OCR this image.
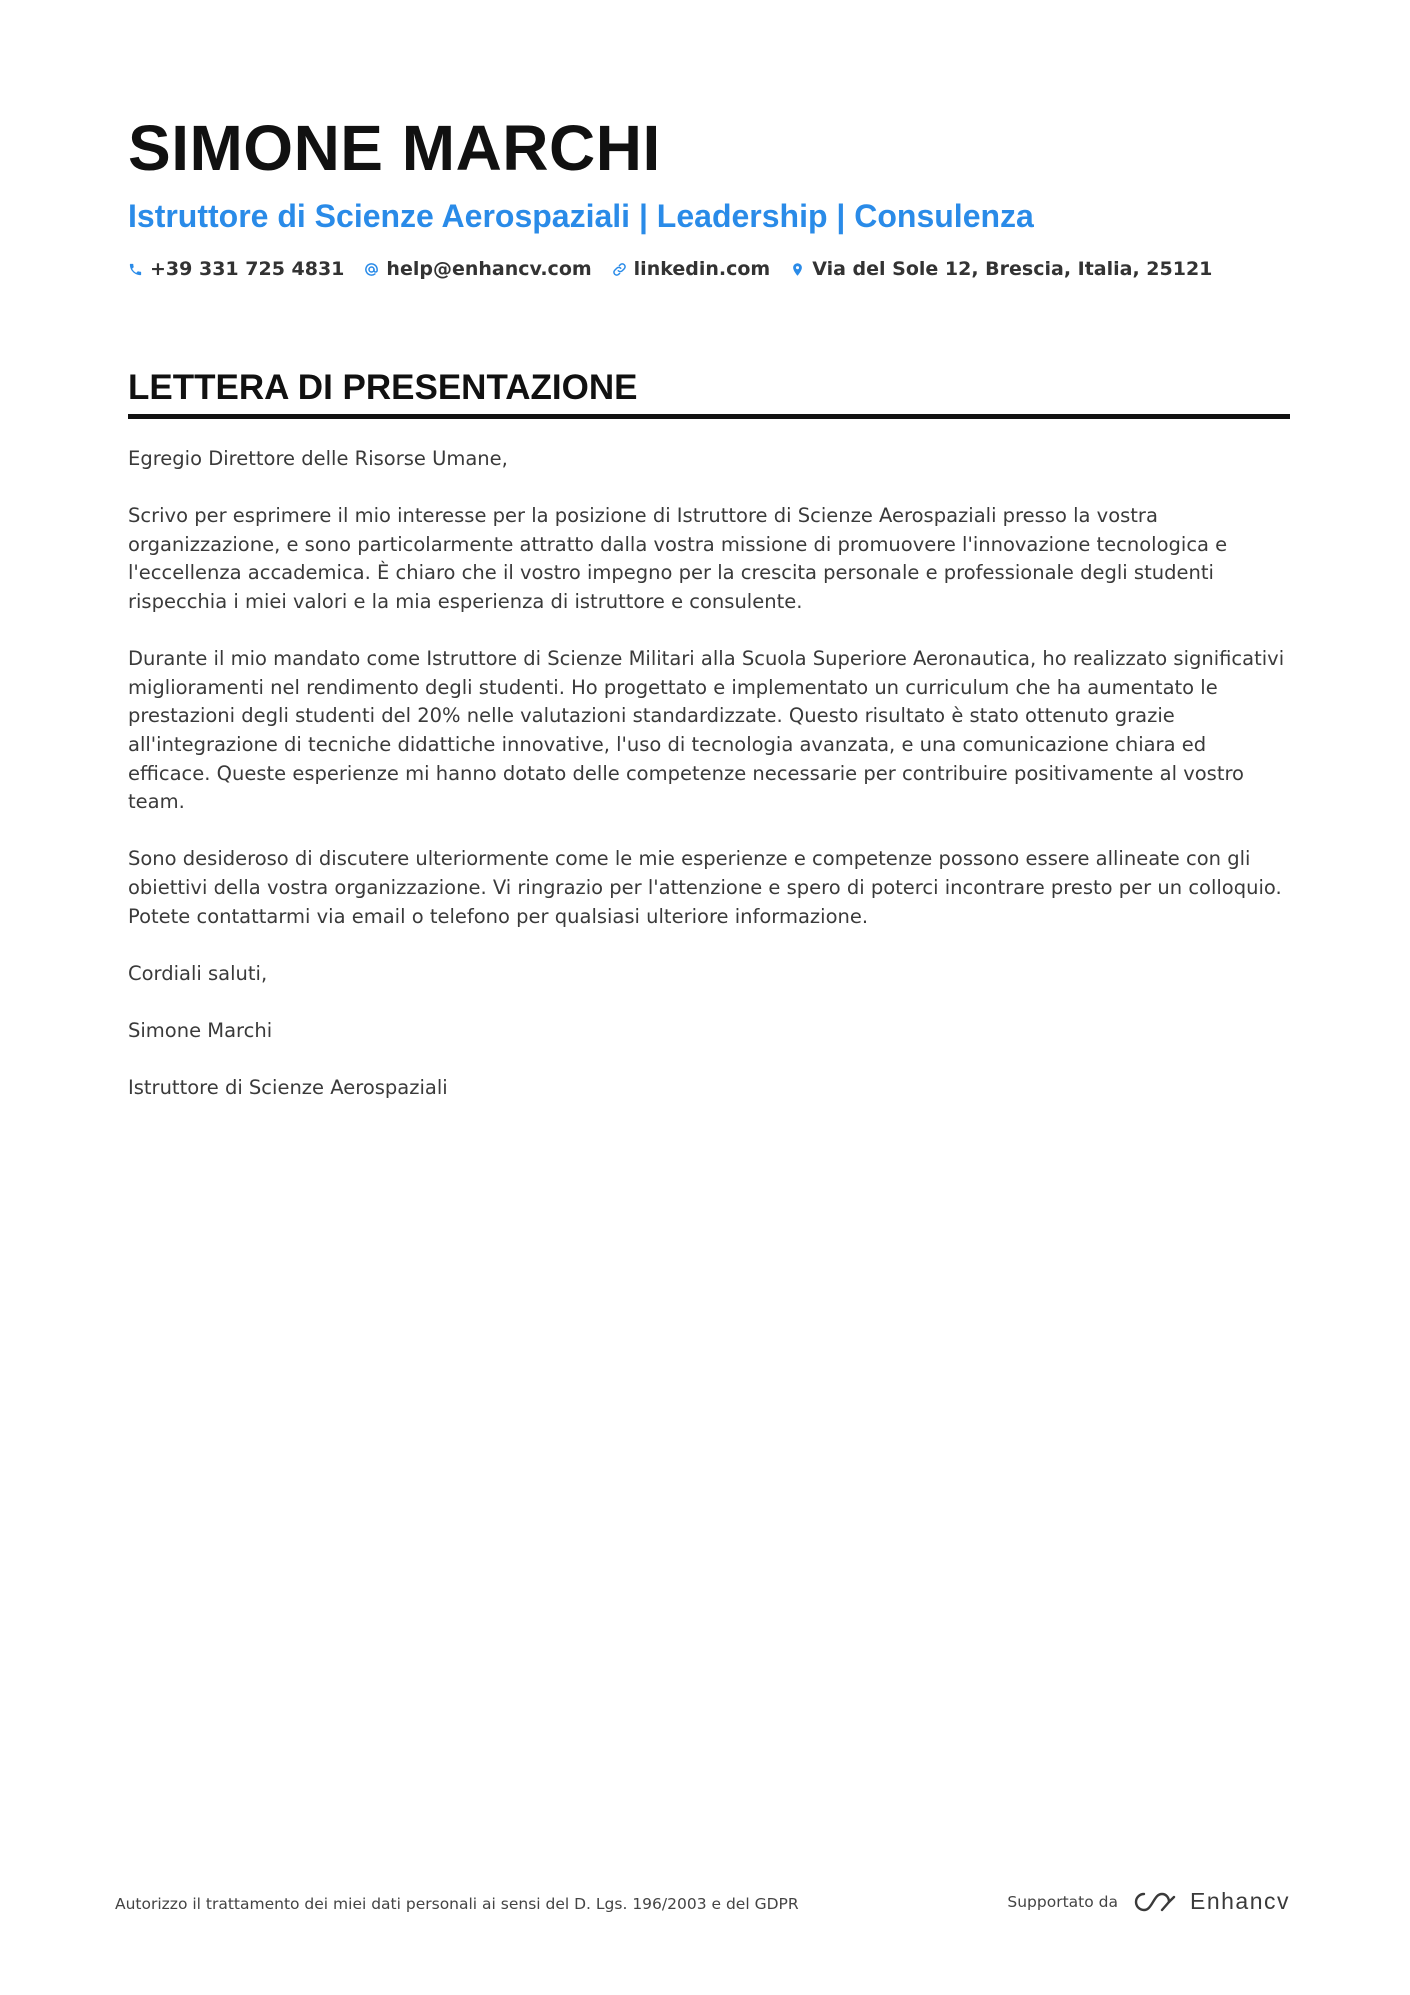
SIMONE MARCHI
Istruttore di Scienze Aerospaziali | Leadership | Consulenza
+39 331 725 4831 help@enhancv.com linkedin.com Via del Sole 12, Brescia, Italia, 25121
LETTERA DI PRESENTAZIONE

Egregio Direttore delle Risorse Umane,

Scrivo per esprimere il mio interesse per la posizione di Istruttore di Scienze Aerospaziali presso la vostra organizzazione, e sono particolarmente attratto dalla vostra missione di promuovere l'innovazione tecnologica e l'eccellenza accademica. È chiaro che il vostro impegno per la crescita personale e professionale degli studenti rispecchia i miei valori e la mia esperienza di istruttore e consulente.

Durante il mio mandato come Istruttore di Scienze Militari alla Scuola Superiore Aeronautica, ho realizzato significativi miglioramenti nel rendimento degli studenti. Ho progettato e implementato un curriculum che ha aumentato le prestazioni degli studenti del 20% nelle valutazioni standardizzate. Questo risultato è stato ottenuto grazie all'integrazione di tecniche didattiche innovative, l'uso di tecnologia avanzata, e una comunicazione chiara ed efficace. Queste esperienze mi hanno dotato delle competenze necessarie per contribuire positivamente al vostro team.

Sono desideroso di discutere ulteriormente come le mie esperienze e competenze possono essere allineate con gli obiettivi della vostra organizzazione. Vi ringrazio per l'attenzione e spero di poterci incontrare presto per un colloquio. Potete contattarmi via email o telefono per qualsiasi ulteriore informazione.

Cordiali saluti,

Simone Marchi

Istruttore di Scienze Aerospaziali

Autorizzo il trattamento dei miei dati personali ai sensi del D. Lgs. 196/2003 e del GDPR	Supportato da	Enhancv
